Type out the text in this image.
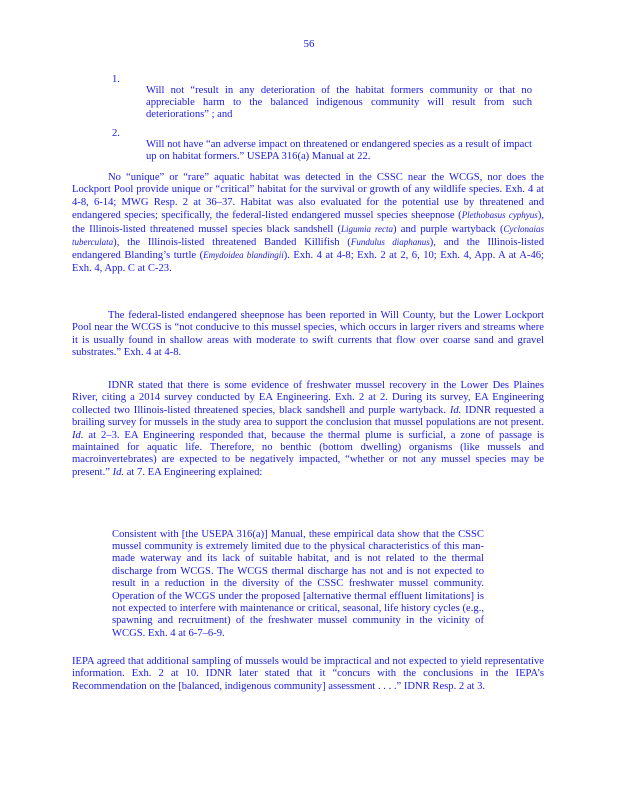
56
1.

Will not “result in any deterioration of the habitat formers community or that no appreciable harm to the balanced indigenous community will result from such deteriorations” ; and

2.

Will not have “an adverse impact on threatened or endangered species as a result of impact up on habitat formers.” USEPA 316(a) Manual at 22.

No “unique” or “rare” aquatic habitat was detected in the CSSC near the WCGS, nor does the Lockport Pool provide unique or “critical” habitat for the survival or growth of any wildlife species. Exh. 4 at 4-8, 6-14; MWG Resp. 2 at 36–37. Habitat was also evaluated for the potential use by threatened and endangered species; specifically, the federal-listed endangered mussel species sheepnose (Plethobasus cyphyus), the Illinois-listed threatened mussel species black sandshell (Ligumia recta) and purple wartyback (Cyclonaias tuberculata), the Illinois-listed threatened Banded Killifish (Fundulus diaphanus), and the Illinois-listed endangered Blanding’s turtle (Emydoidea blandingii). Exh. 4 at 4-8; Exh. 2 at 2, 6, 10; Exh. 4, App. A at A-46; Exh. 4, App. C at C-23.

The federal-listed endangered sheepnose has been reported in Will County, but the Lower Lockport Pool near the WCGS is “not conducive to this mussel species, which occurs in larger rivers and streams where it is usually found in shallow areas with moderate to swift currents that flow over coarse sand and gravel substrates.” Exh. 4 at 4-8.

IDNR stated that there is some evidence of freshwater mussel recovery in the Lower Des Plaines River, citing a 2014 survey conducted by EA Engineering. Exh. 2 at 2. During its survey, EA Engineering collected two Illinois-listed threatened species, black sandshell and purple wartyback. Id. IDNR requested a brailing survey for mussels in the study area to support the conclusion that mussel populations are not present. Id. at 2–3. EA Engineering responded that, because the thermal plume is surficial, a zone of passage is maintained for aquatic life. Therefore, no benthic (bottom dwelling) organisms (like mussels and macroinvertebrates) are expected to be negatively impacted, “whether or not any mussel species may be present.” Id. at 7. EA Engineering explained:

Consistent with [the USEPA 316(a)] Manual, these empirical data show that the CSSC mussel community is extremely limited due to the physical characteristics of this man-made waterway and its lack of suitable habitat, and is not related to the thermal discharge from WCGS. The WCGS thermal discharge has not and is not expected to result in a reduction in the diversity of the CSSC freshwater mussel community. Operation of the WCGS under the proposed [alternative thermal effluent limitations] is not expected to interfere with maintenance or critical, seasonal, life history cycles (e.g., spawning and recruitment) of the freshwater mussel community in the vicinity of WCGS. Exh. 4 at 6-7–6-9.

IEPA agreed that additional sampling of mussels would be impractical and not expected to yield representative information. Exh. 2 at 10. IDNR later stated that it “concurs with the conclusions in the IEPA’s Recommendation on the [balanced, indigenous community] assessment . . . .” IDNR Resp. 2 at 3.
